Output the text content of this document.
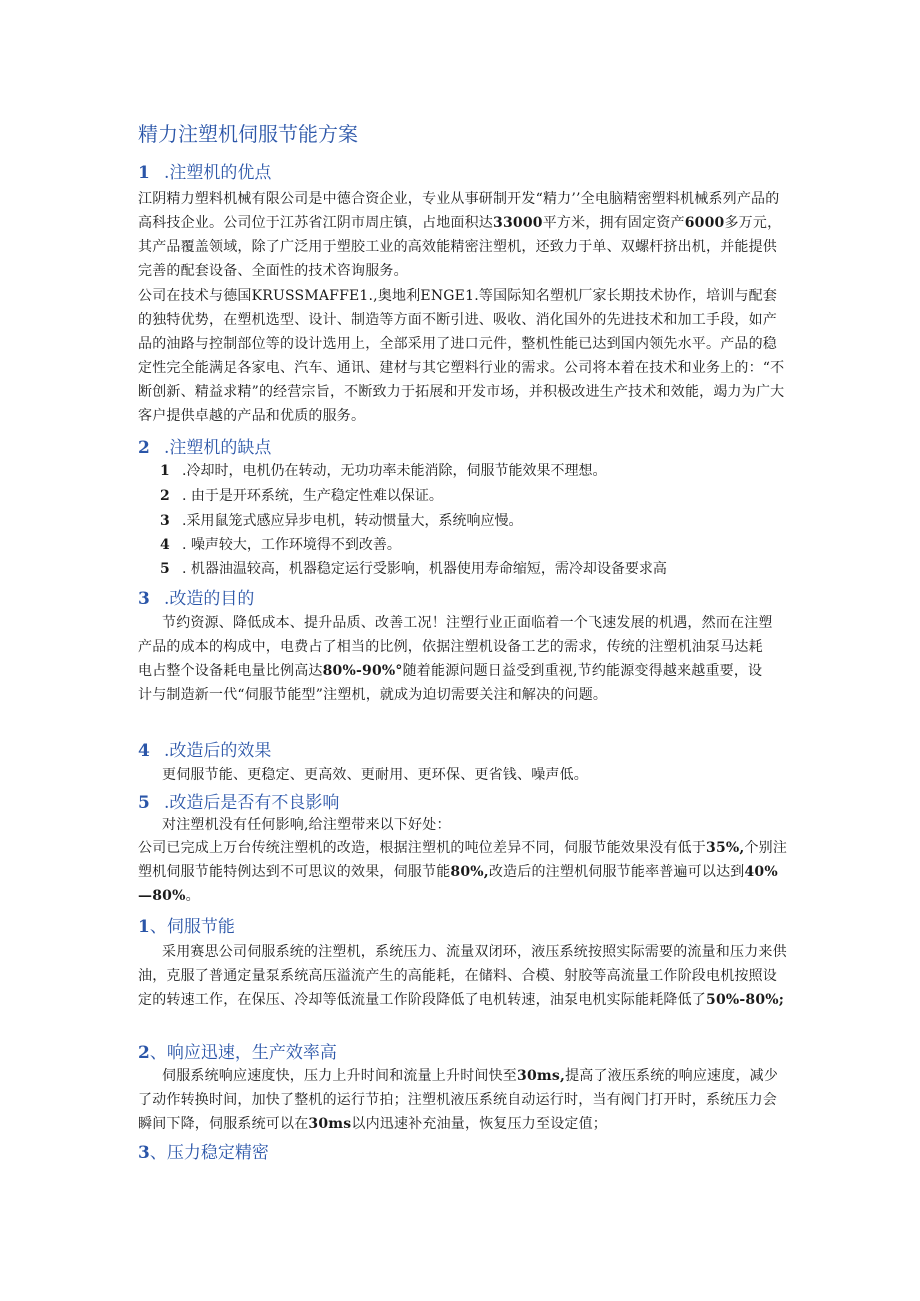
精力注塑机伺服节能方案
1 .注塑机的优点

江阴精力塑料机械有限公司是中德合资企业，专业从事研制开发“精力’’全电脑精密塑料机械系列产品的高科技企业。公司位于江苏省江阴市周庄镇，占地面积达33000平方米，拥有固定资产6000多万元，其产品覆盖领域，除了广泛用于塑胶工业的高效能精密注塑机，还致力于单、双螺杆挤出机，并能提供完善的配套设备、全面性的技术咨询服务。

公司在技术与德国KRUSSMAFFE1.,奥地利ENGE1.等国际知名塑机厂家长期技术协作，培训与配套的独特优势，在塑机选型、设计、制造等方面不断引进、吸收、消化国外的先进技术和加工手段，如产品的油路与控制部位等的设计选用上，全部采用了进口元件，整机性能已达到国内领先水平。产品的稳定性完全能满足各家电、汽车、通讯、建材与其它塑料行业的需求。公司将本着在技术和业务上的：“不断创新、精益求精”的经营宗旨，不断致力于拓展和开发市场，并积极改进生产技术和效能，竭力为广大客户提供卓越的产品和优质的服务。

2 .注塑机的缺点

1 .冷却时，电机仍在转动，无功功率未能消除，伺服节能效果不理想。

2 . 由于是开环系统，生产稳定性难以保证。

3 .采用鼠笼式感应异步电机，转动惯量大，系统响应慢。

4 . 噪声较大，工作环境得不到改善。

5 . 机器油温较高，机器稳定运行受影响，机器使用寿命缩短，需冷却设备要求高

3 .改造的目的

节约资源、降低成本、提升品质、改善工况！注塑行业正面临着一个飞速发展的机遇，然而在注塑产品的成本的构成中，电费占了相当的比例，依据注塑机设备工艺的需求，传统的注塑机油泵马达耗电占整个设备耗电量比例高达80%-90%°随着能源问题日益受到重视,节约能源变得越来越重要，设计与制造新一代“伺服节能型”注塑机，就成为迫切需要关注和解决的问题。

4 .改造后的效果

更伺服节能、更稳定、更高效、更耐用、更环保、更省钱、噪声低。

5 .改造后是否有不良影响

对注塑机没有任何影响,给注塑带来以下好处：

公司已完成上万台传统注塑机的改造，根据注塑机的吨位差异不同，伺服节能效果没有低于35%,个别注塑机伺服节能特例达到不可思议的效果，伺服节能80%,改造后的注塑机伺服节能率普遍可以达到40%—80%。

1、伺服节能

采用赛思公司伺服系统的注塑机，系统压力、流量双闭环，液压系统按照实际需要的流量和压力来供油，克服了普通定量泵系统高压溢流产生的高能耗，在储料、合模、射胶等高流量工作阶段电机按照设定的转速工作，在保压、冷却等低流量工作阶段降低了电机转速，油泵电机实际能耗降低了50%-80%;

2、响应迅速，生产效率高

伺服系统响应速度快，压力上升时间和流量上升时间快至30ms,提高了液压系统的响应速度，减少了动作转换时间，加快了整机的运行节拍；注塑机液压系统自动运行时，当有阀门打开时，系统压力会瞬间下降，伺服系统可以在30ms以内迅速补充油量，恢复压力至设定值；

3、压力稳定精密
